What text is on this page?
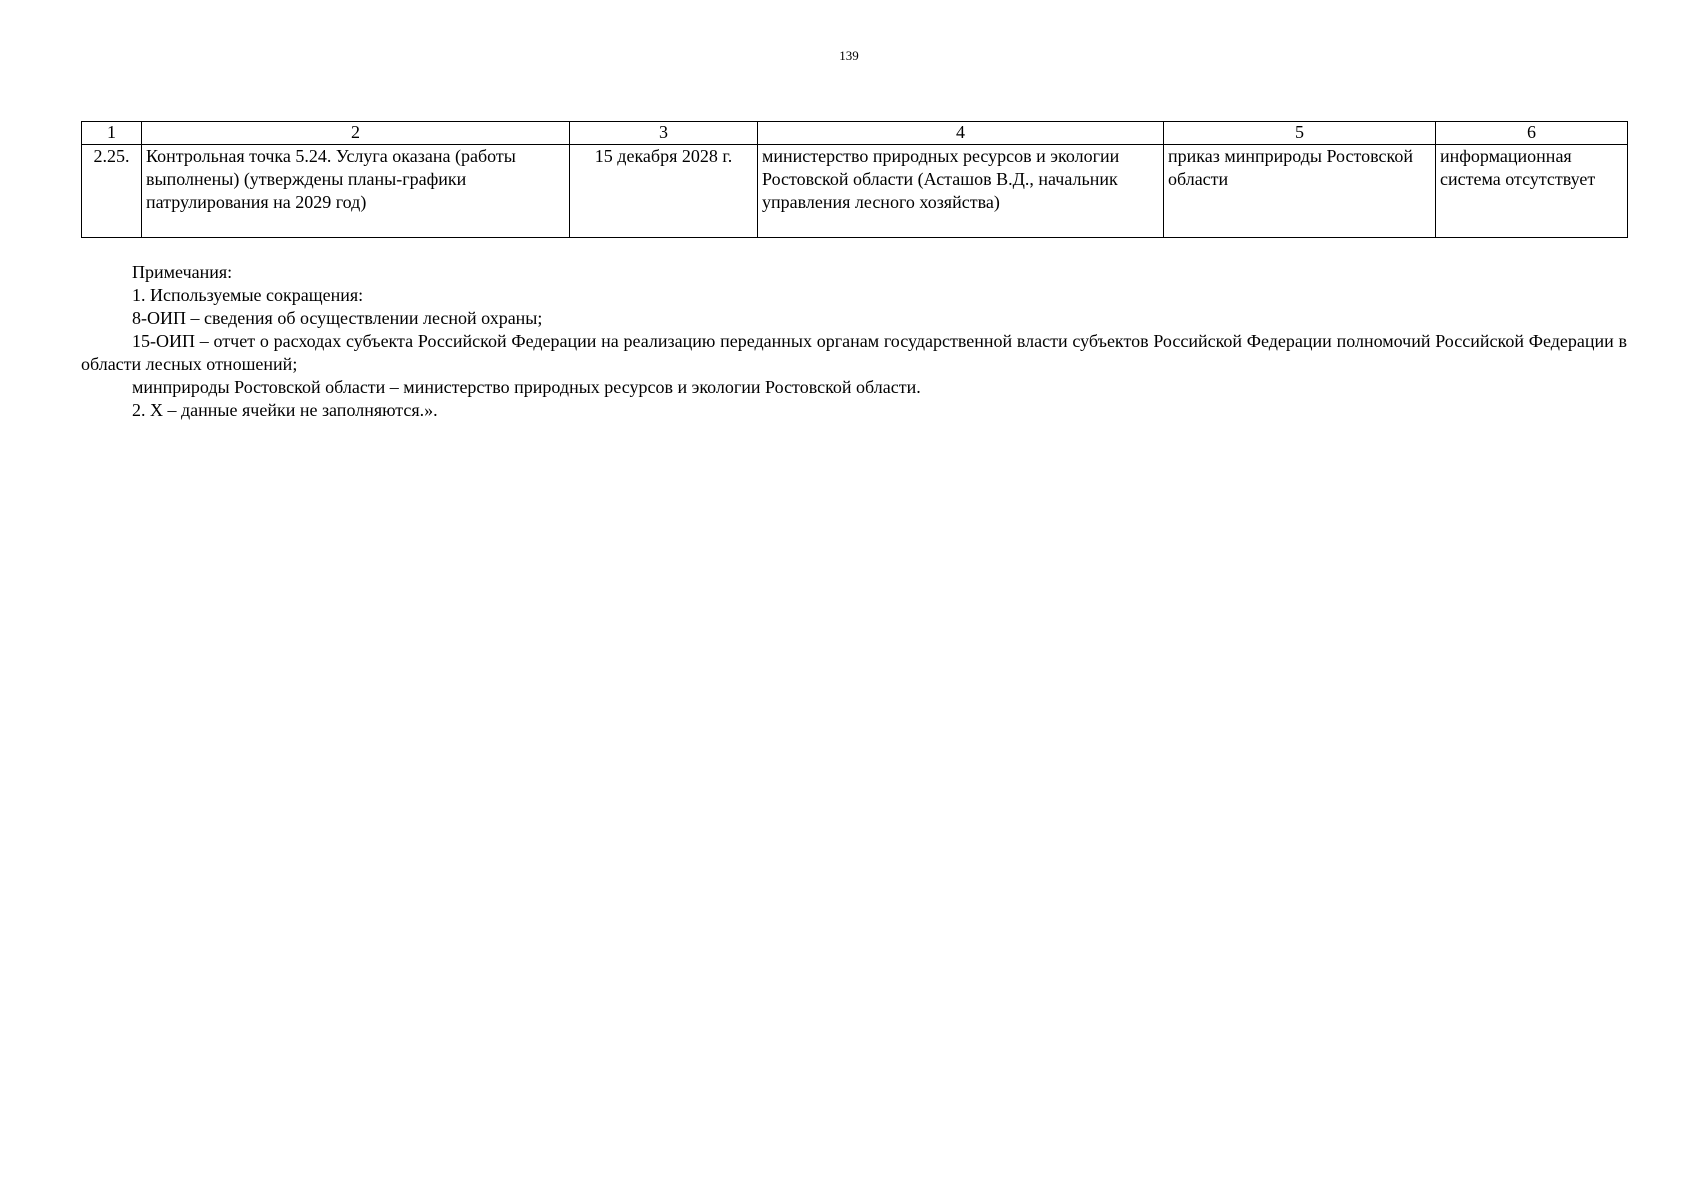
139
1	2	3	4	5	6
2.25.	Контрольная точка 5.24. Услуга оказана (работы выполнены) (утверждены планы-графики патрулирования на 2029 год)	15 декабря 2028 г.	министерство природных ресурсов и экологии Ростовской области (Асташов В.Д., начальник управления лесного хозяйства)	приказ минприроды Ростовской области	информационная система отсутствует

Примечания:

1. Используемые сокращения:

8-ОИП – сведения об осуществлении лесной охраны;

15-ОИП – отчет о расходах субъекта Российской Федерации на реализацию переданных органам государственной власти субъектов Российской Федерации полномочий Российской Федерации в области лесных отношений;

минприроды Ростовской области – министерство природных ресурсов и экологии Ростовской области.

2. Х – данные ячейки не заполняются.».
